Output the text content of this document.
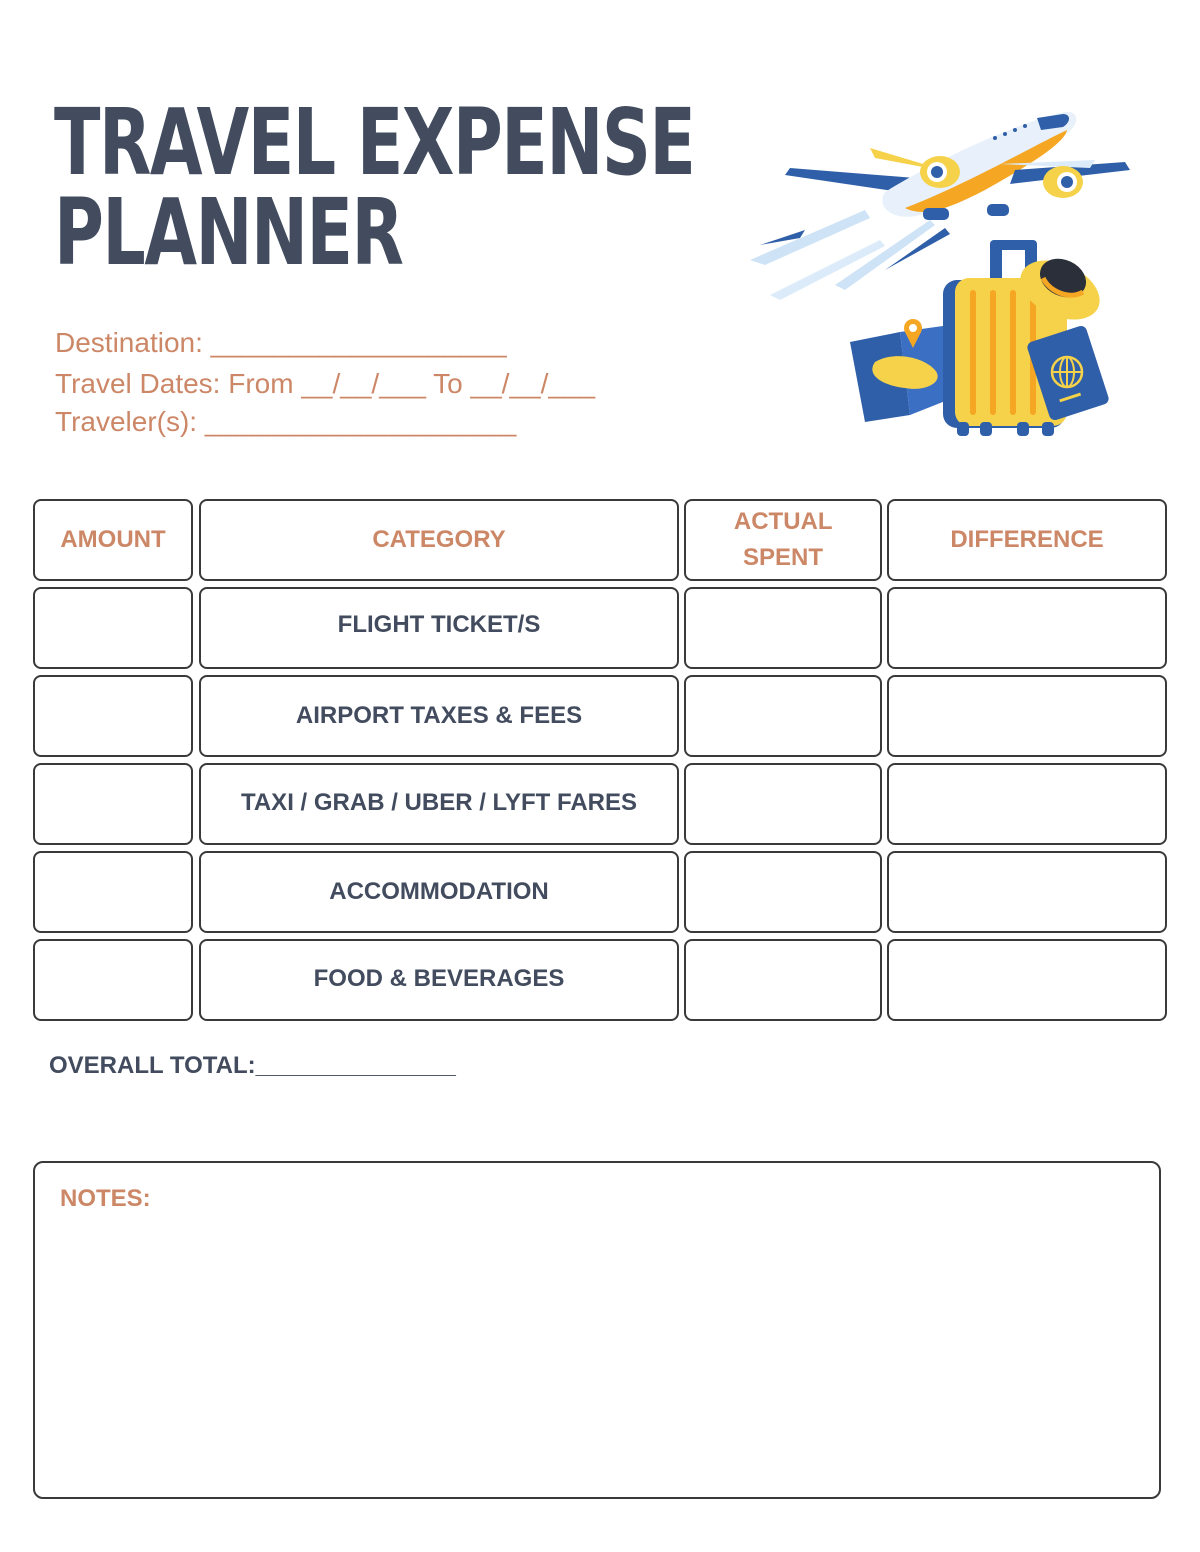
TRAVEL EXPENSE
PLANNER
Destination: ___________________
Travel Dates: From __/__/___ To __/__/___
Traveler(s): ____________________
AMOUNT	CATEGORY
ACTUAL SPENT
DIFFERENCE
FLIGHT TICKET/S
AIRPORT TAXES & FEES
TAXI / GRAB / UBER / LYFT FARES
ACCOMMODATION
FOOD & BEVERAGES
OVERALL TOTAL:_______________
NOTES:
